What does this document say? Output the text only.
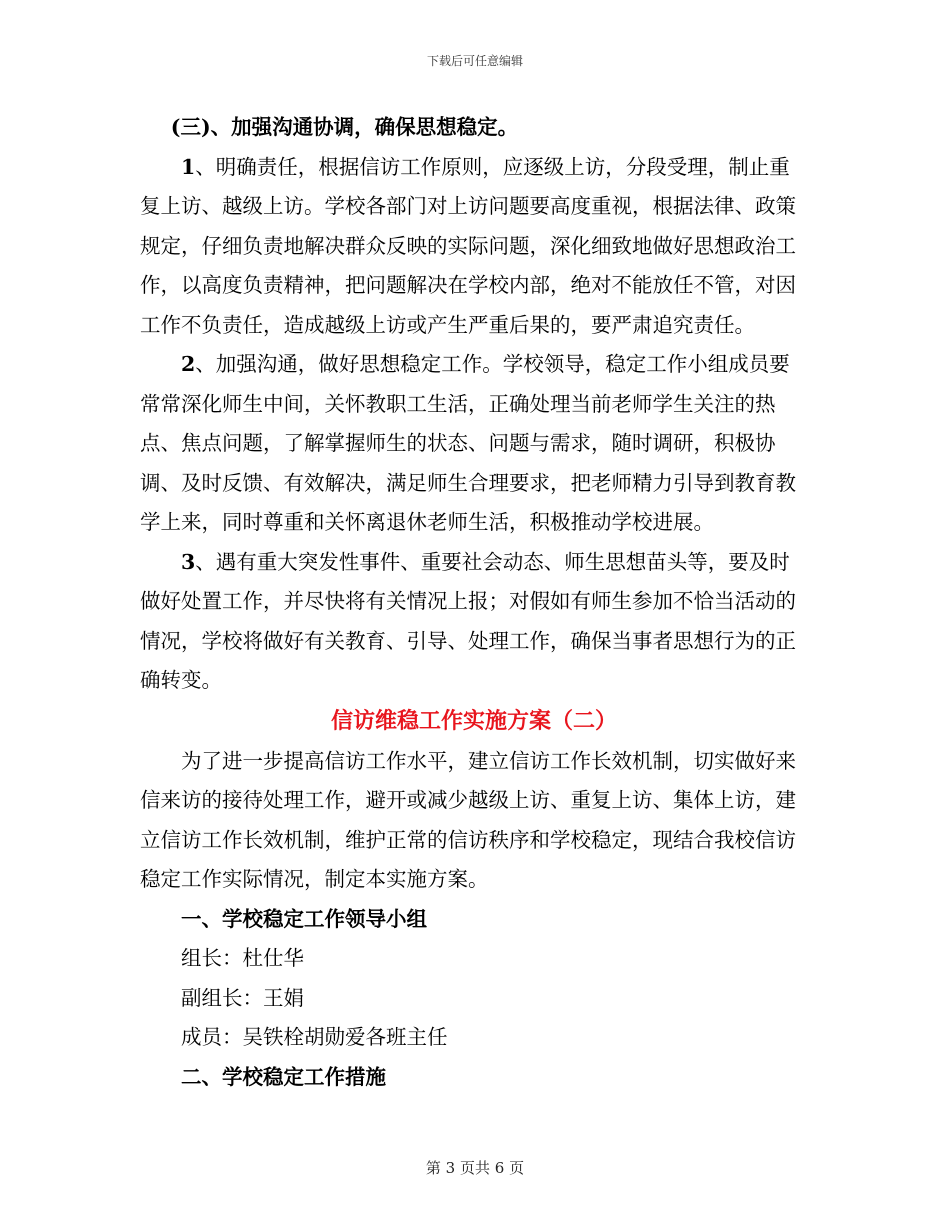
下载后可任意编辑

(三)、加强沟通协调，确保思想稳定。

1、明确责任，根据信访工作原则，应逐级上访，分段受理，制止重复上访、越级上访。学校各部门对上访问题要高度重视，根据法律、政策规定，仔细负责地解决群众反映的实际问题，深化细致地做好思想政治工作，以高度负责精神，把问题解决在学校内部，绝对不能放任不管，对因工作不负责任，造成越级上访或产生严重后果的，要严肃追究责任。

2、加强沟通，做好思想稳定工作。学校领导，稳定工作小组成员要常常深化师生中间，关怀教职工生活，正确处理当前老师学生关注的热点、焦点问题，了解掌握师生的状态、问题与需求，随时调研，积极协调、及时反馈、有效解决，满足师生合理要求，把老师精力引导到教育教学上来，同时尊重和关怀离退休老师生活，积极推动学校进展。

3、遇有重大突发性事件、重要社会动态、师生思想苗头等，要及时做好处置工作，并尽快将有关情况上报；对假如有师生参加不恰当活动的情况，学校将做好有关教育、引导、处理工作，确保当事者思想行为的正确转变。

信访维稳工作实施方案（二）

为了进一步提高信访工作水平，建立信访工作长效机制，切实做好来信来访的接待处理工作，避开或减少越级上访、重复上访、集体上访，建立信访工作长效机制，维护正常的信访秩序和学校稳定，现结合我校信访稳定工作实际情况，制定本实施方案。

一、学校稳定工作领导小组

组长：杜仕华

副组长：王娟

成员：吴铁栓胡勋爱各班主任

二、学校稳定工作措施

第 3 页共 6 页
